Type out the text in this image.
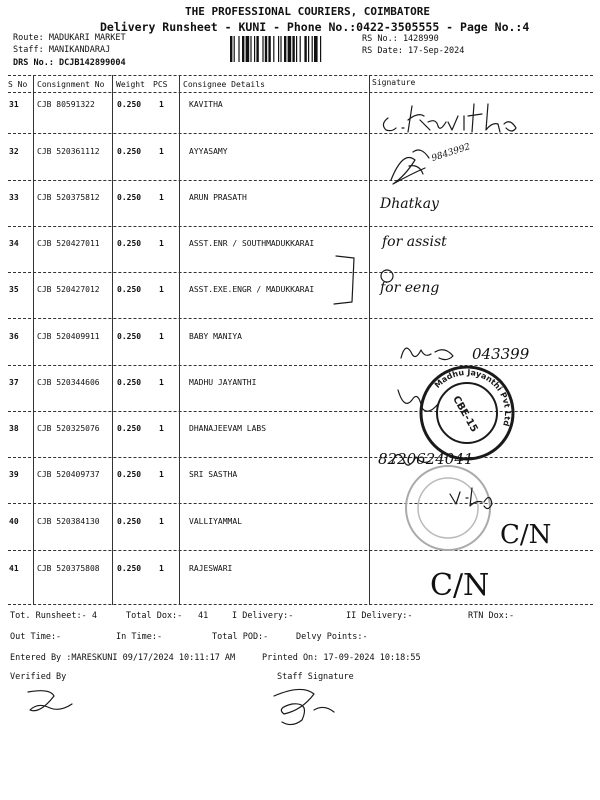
THE PROFESSIONAL COURIERS, COIMBATORE
Delivery Runsheet - KUNI - Phone No.:0422-3505555 - Page No.:4
Route: MADUKARI MARKET
Staff: MANIKANDARAJ
DRS No.: DCJB142899004
RS No.: 1428990
RS Date: 17-Sep-2024
S No Consignment No Weight PCS Consignee Details	Signature
31 CJB 80591322	0.250 1	KAVITHA
32 CJB 520361112 0.250 1	AYYASAMY
33 CJB 520375812 0.250 1	ARUN PRASATH
34 CJB 520427011 0.250 1	ASST.ENR / SOUTHMADUKKARAI
35 CJB 520427012 0.250 1	ASST.EXE.ENGR / MADUKKARAI
36 CJB 520409911 0.250 1	BABY MANIYA
37 CJB 520344606 0.250 1	MADHU JAYANTHI
38 CJB 520325076 0.250 1	DHANAJEEVAM LABS
39 CJB 520409737 0.250 1	SRI SASTHA
40 CJB 520384130 0.250 1	VALLIYAMMAL
41 CJB 520375808 0.250 1	RAJESWARI
9843992
Dhatkay
for assist
for eeng
043399
CBE-15
Madhu Jayanthi Pvt Ltd
8220624041
C/N
C/N
Tot. Runsheet:- 4	Total Dox:- 41	I Delivery:-	II Delivery:-	RTN Dox:-
Out Time:-	In Time:-	Total POD:-	Delvy Points:-
Entered By :MARESKUNI 09/17/2024 10:11:17 AM	Printed On: 17-09-2024 10:18:55
Verified By	Staff Signature
